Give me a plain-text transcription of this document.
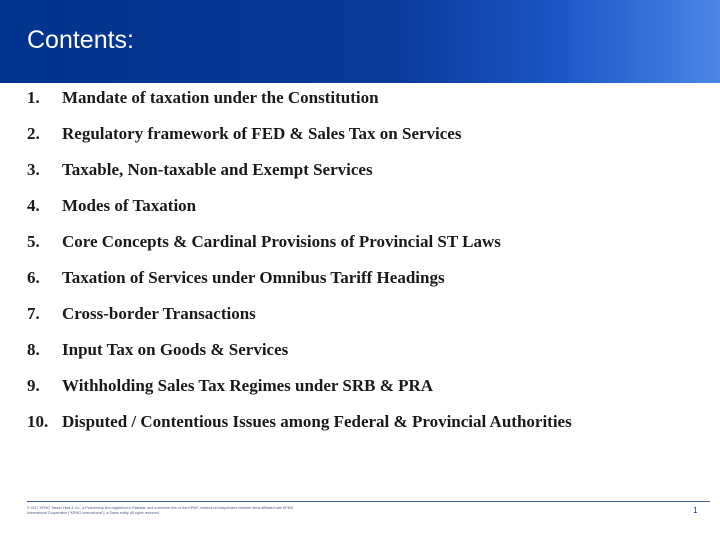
Contents:
1.	Mandate of taxation under the Constitution
2.	Regulatory framework of FED & Sales Tax on Services
3.	Taxable, Non-taxable and Exempt Services
4.	Modes of Taxation
5.	Core Concepts & Cardinal Provisions of Provincial ST Laws
6.	Taxation of Services under Omnibus Tariff Headings
7.	Cross-border Transactions
8.	Input Tax on Goods & Services
9.	Withholding Sales Tax Regimes under SRB & PRA
10. Disputed / Contentious Issues among Federal & Provincial Authorities
© 2017 KPMG Taseer Hadi & Co., a Partnership firm registered in Pakistan and a member firm of the KPMG network of independent member firms affiliated with KPMG International Cooperative ("KPMG International"), a Swiss entity. All rights reserved.	1
